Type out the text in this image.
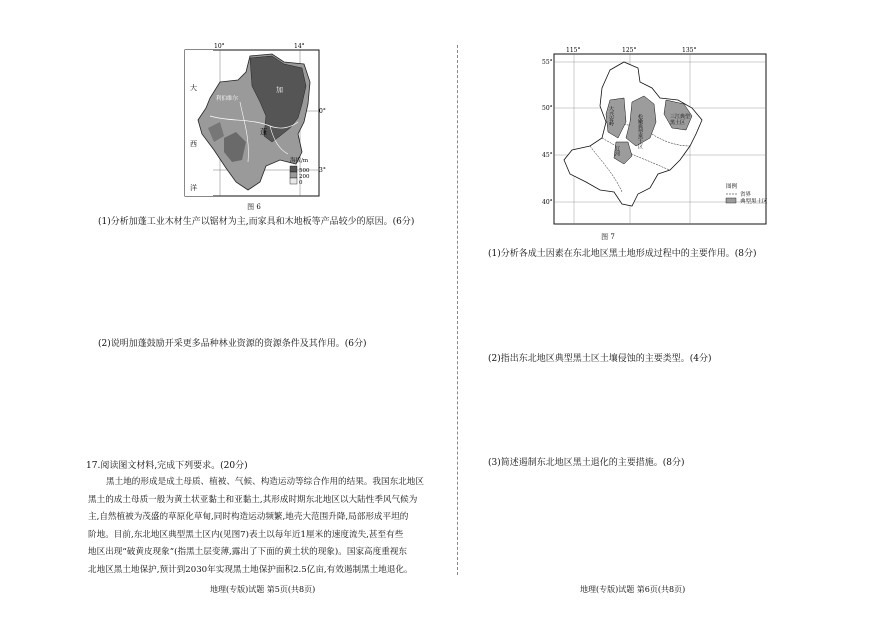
10°	14°
0°
3°
大
西
洋
加
蓬
利伯维尔
海拔/m
500
200
0
图 6
(1)分析加蓬工业木材生产以锯材为主,而家具和木地板等产品较少的原因。(6分)
(2)说明加蓬鼓励开采更多品种林业资源的资源条件及其作用。(6分)
17.阅读图文材料,完成下列要求。(20分)

黑土地的形成是成土母质、植被、气候、构造运动等综合作用的结果。我国东北地区

黑土的成土母质一般为黄土状亚黏土和亚黏土,其形成时期东北地区以大陆性季风气候为

主,自然植被为茂盛的草原化草甸,同时构造运动频繁,地壳大范围升降,局部形成平坦的

阶地。目前,东北地区典型黑土区内(见图7)表土以每年近1厘米的速度流失,甚至有些

地区出现“破黄皮现象”(指黑土层变薄,露出了下面的黄土状的现象)。国家高度重视东

北地区黑土地保护,预计到2030年实现黑土地保护面积2.5亿亩,有效遏制黑土地退化。

地理(专版)试题 第5页(共8页)
115°	125°	135°
55°
50°
45°
40°
松嫩典型黑土区	三江典型
黑土区
大兴安岭
辽河
图例
省界
典型黑土区
图 7
(1)分析各成土因素在东北地区黑土地形成过程中的主要作用。(8分)
(2)指出东北地区典型黑土区土壤侵蚀的主要类型。(4分)
(3)简述遏制东北地区黑土退化的主要措施。(8分)
地理(专版)试题 第6页(共8页)
